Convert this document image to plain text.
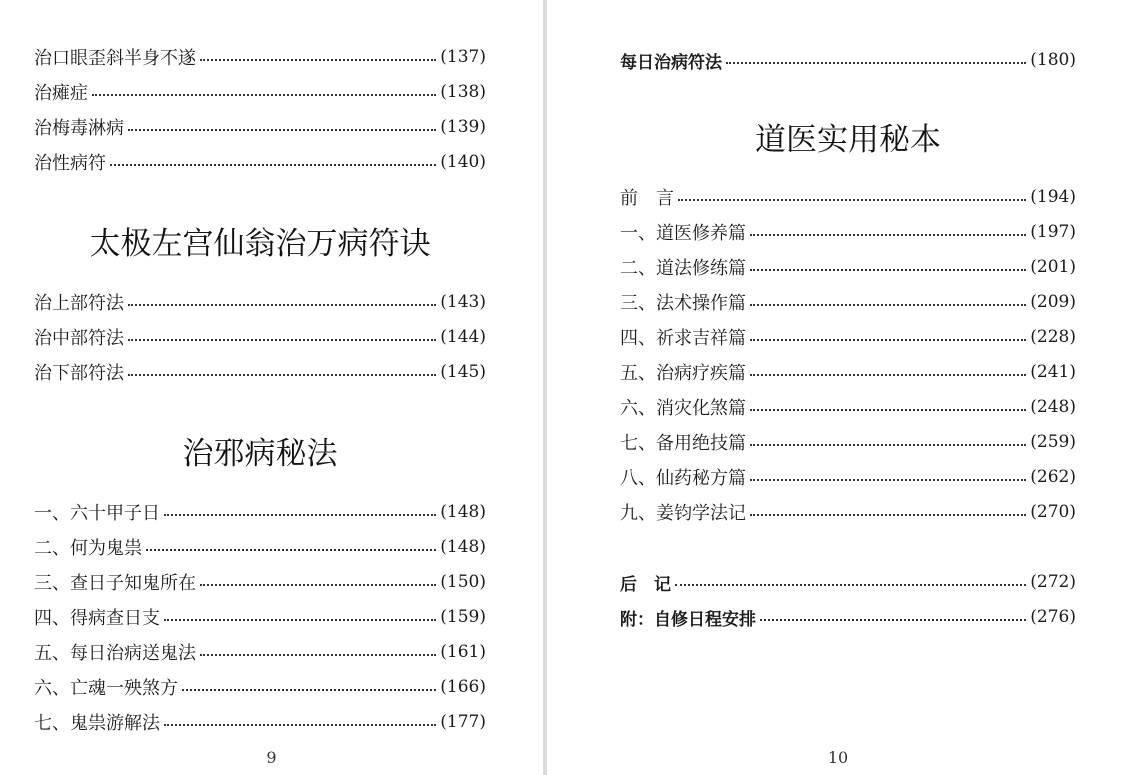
治口眼歪斜半身不遂	(137)
治瘫症	(138)
治梅毒淋病	(139)
治性病符	(140)
太极左宫仙翁治万病符诀
治上部符法	(143)
治中部符法	(144)
治下部符法	(145)
治邪病秘法
一、六十甲子日	(148)
二、何为鬼祟	(148)
三、查日子知鬼所在	(150)
四、得病查日支	(159)
五、每日治病送鬼法	(161)
六、亡魂一殃煞方	(166)
七、鬼祟游解法	(177)
9
每日治病符法	(180)
道医实用秘本
前　言	(194)
一、道医修养篇	(197)
二、道法修练篇	(201)
三、法术操作篇	(209)
四、祈求吉祥篇	(228)
五、治病疗疾篇	(241)
六、消灾化煞篇	(248)
七、备用绝技篇	(259)
八、仙药秘方篇	(262)
九、姜钧学法记	(270)
后　记	(272)
附：自修日程安排	(276)
10
